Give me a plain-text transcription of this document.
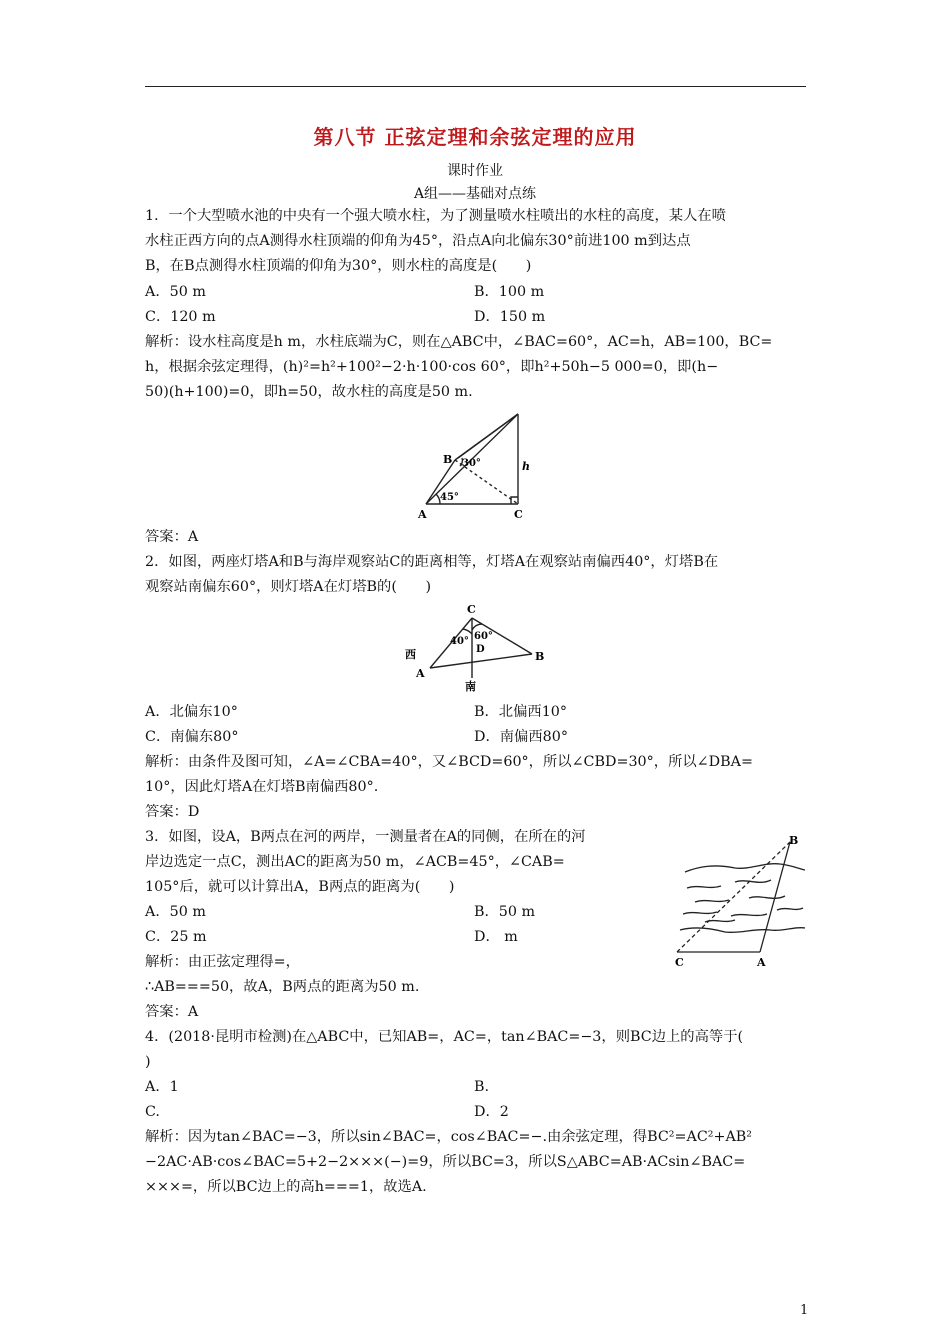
第八节 正弦定理和余弦定理的应用
课时作业
A组——基础对点练
1．一个大型喷水池的中央有一个强大喷水柱，为了测量喷水柱喷出的水柱的高度，某人在喷
水柱正西方向的点A测得水柱顶端的仰角为45°，沿点A向北偏东30°前进100 m到达点
B，在B点测得水柱顶端的仰角为30°，则水柱的高度是(　　)
A．50 m	B．100 m
C．120 m	D．150 m
解析：设水柱高度是h m，水柱底端为C，则在△ABC中，∠BAC=60°，AC=h，AB=100，BC=
h，根据余弦定理得，(h)²=h²+100²−2·h·100·cos 60°，即h²+50h−5 000=0，即(h−
50)(h+100)=0，即h=50，故水柱的高度是50 m.
B
A	C
h
30°
45°
答案：A
2．如图，两座灯塔A和B与海岸观察站C的距离相等，灯塔A在观察站南偏西40°，灯塔B在
观察站南偏东60°，则灯塔A在灯塔B的(　　)
C
A
B
D
西
南
40° 60°
A．北偏东10°	B．北偏西10°
C．南偏东80°	D．南偏西80°
解析：由条件及图可知，∠A=∠CBA=40°，又∠BCD=60°，所以∠CBD=30°，所以∠DBA=
10°，因此灯塔A在灯塔B南偏西80°.
答案：D
3．如图，设A，B两点在河的两岸，一测量者在A的同侧，在所在的河
岸边选定一点C，测出AC的距离为50 m，∠ACB=45°，∠CAB=
105°后，就可以计算出A，B两点的距离为(　　)
A．50 m	B．50 m
C．25 m	D． m
解析：由正弦定理得=，
∴AB===50，故A，B两点的距离为50 m.
答案：A
B
C	A
4．(2018·昆明市检测)在△ABC中，已知AB=，AC=，tan∠BAC=−3，则BC边上的高等于(
)
A．1	B.
C.	D．2
解析：因为tan∠BAC=−3，所以sin∠BAC=，cos∠BAC=−.由余弦定理，得BC²=AC²+AB²
−2AC·AB·cos∠BAC=5+2−2×××(−)=9，所以BC=3，所以S△ABC=AB·ACsin∠BAC=
×××=，所以BC边上的高h===1，故选A.
1
